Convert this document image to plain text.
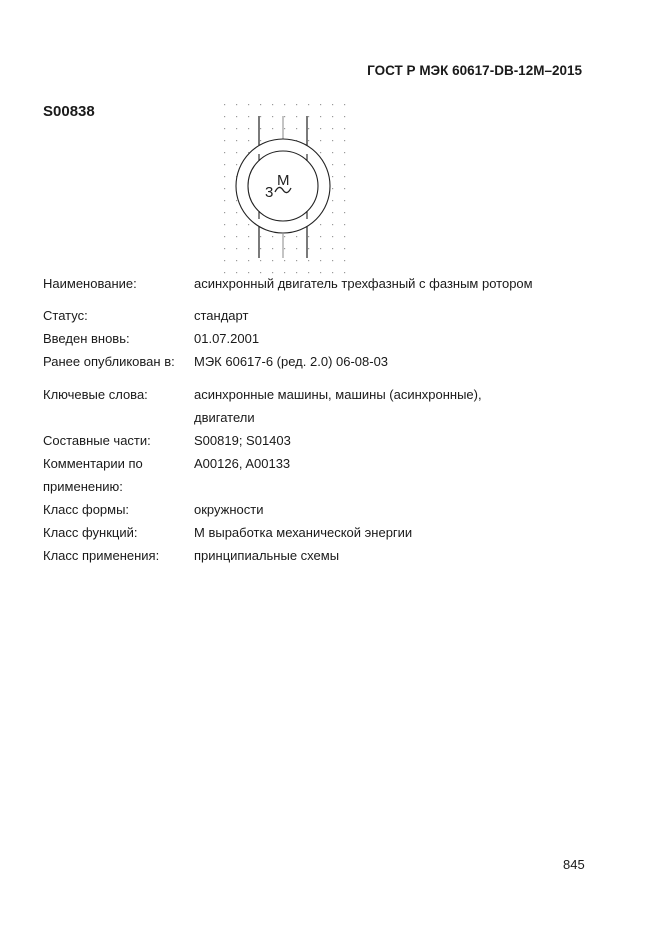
ГОСТ Р МЭК 60617-DB-12M–2015
S00838
M
3
Наименование:	асинхронный двигатель трехфазный с фазным ротором
Статус:	стандарт
Введен вновь:	01.07.2001
Ранее опубликован в:	МЭК 60617-6 (ред. 2.0) 06-08-03
Ключевые слова:	асинхронные машины, машины (асинхронные),
двигатели
Составные части:	S00819; S01403
Комментарии по	A00126, A00133
применению:
Класс формы:	окружности
Класс функций:	M выработка механической энергии
Класс применения:	принципиальные схемы
845
